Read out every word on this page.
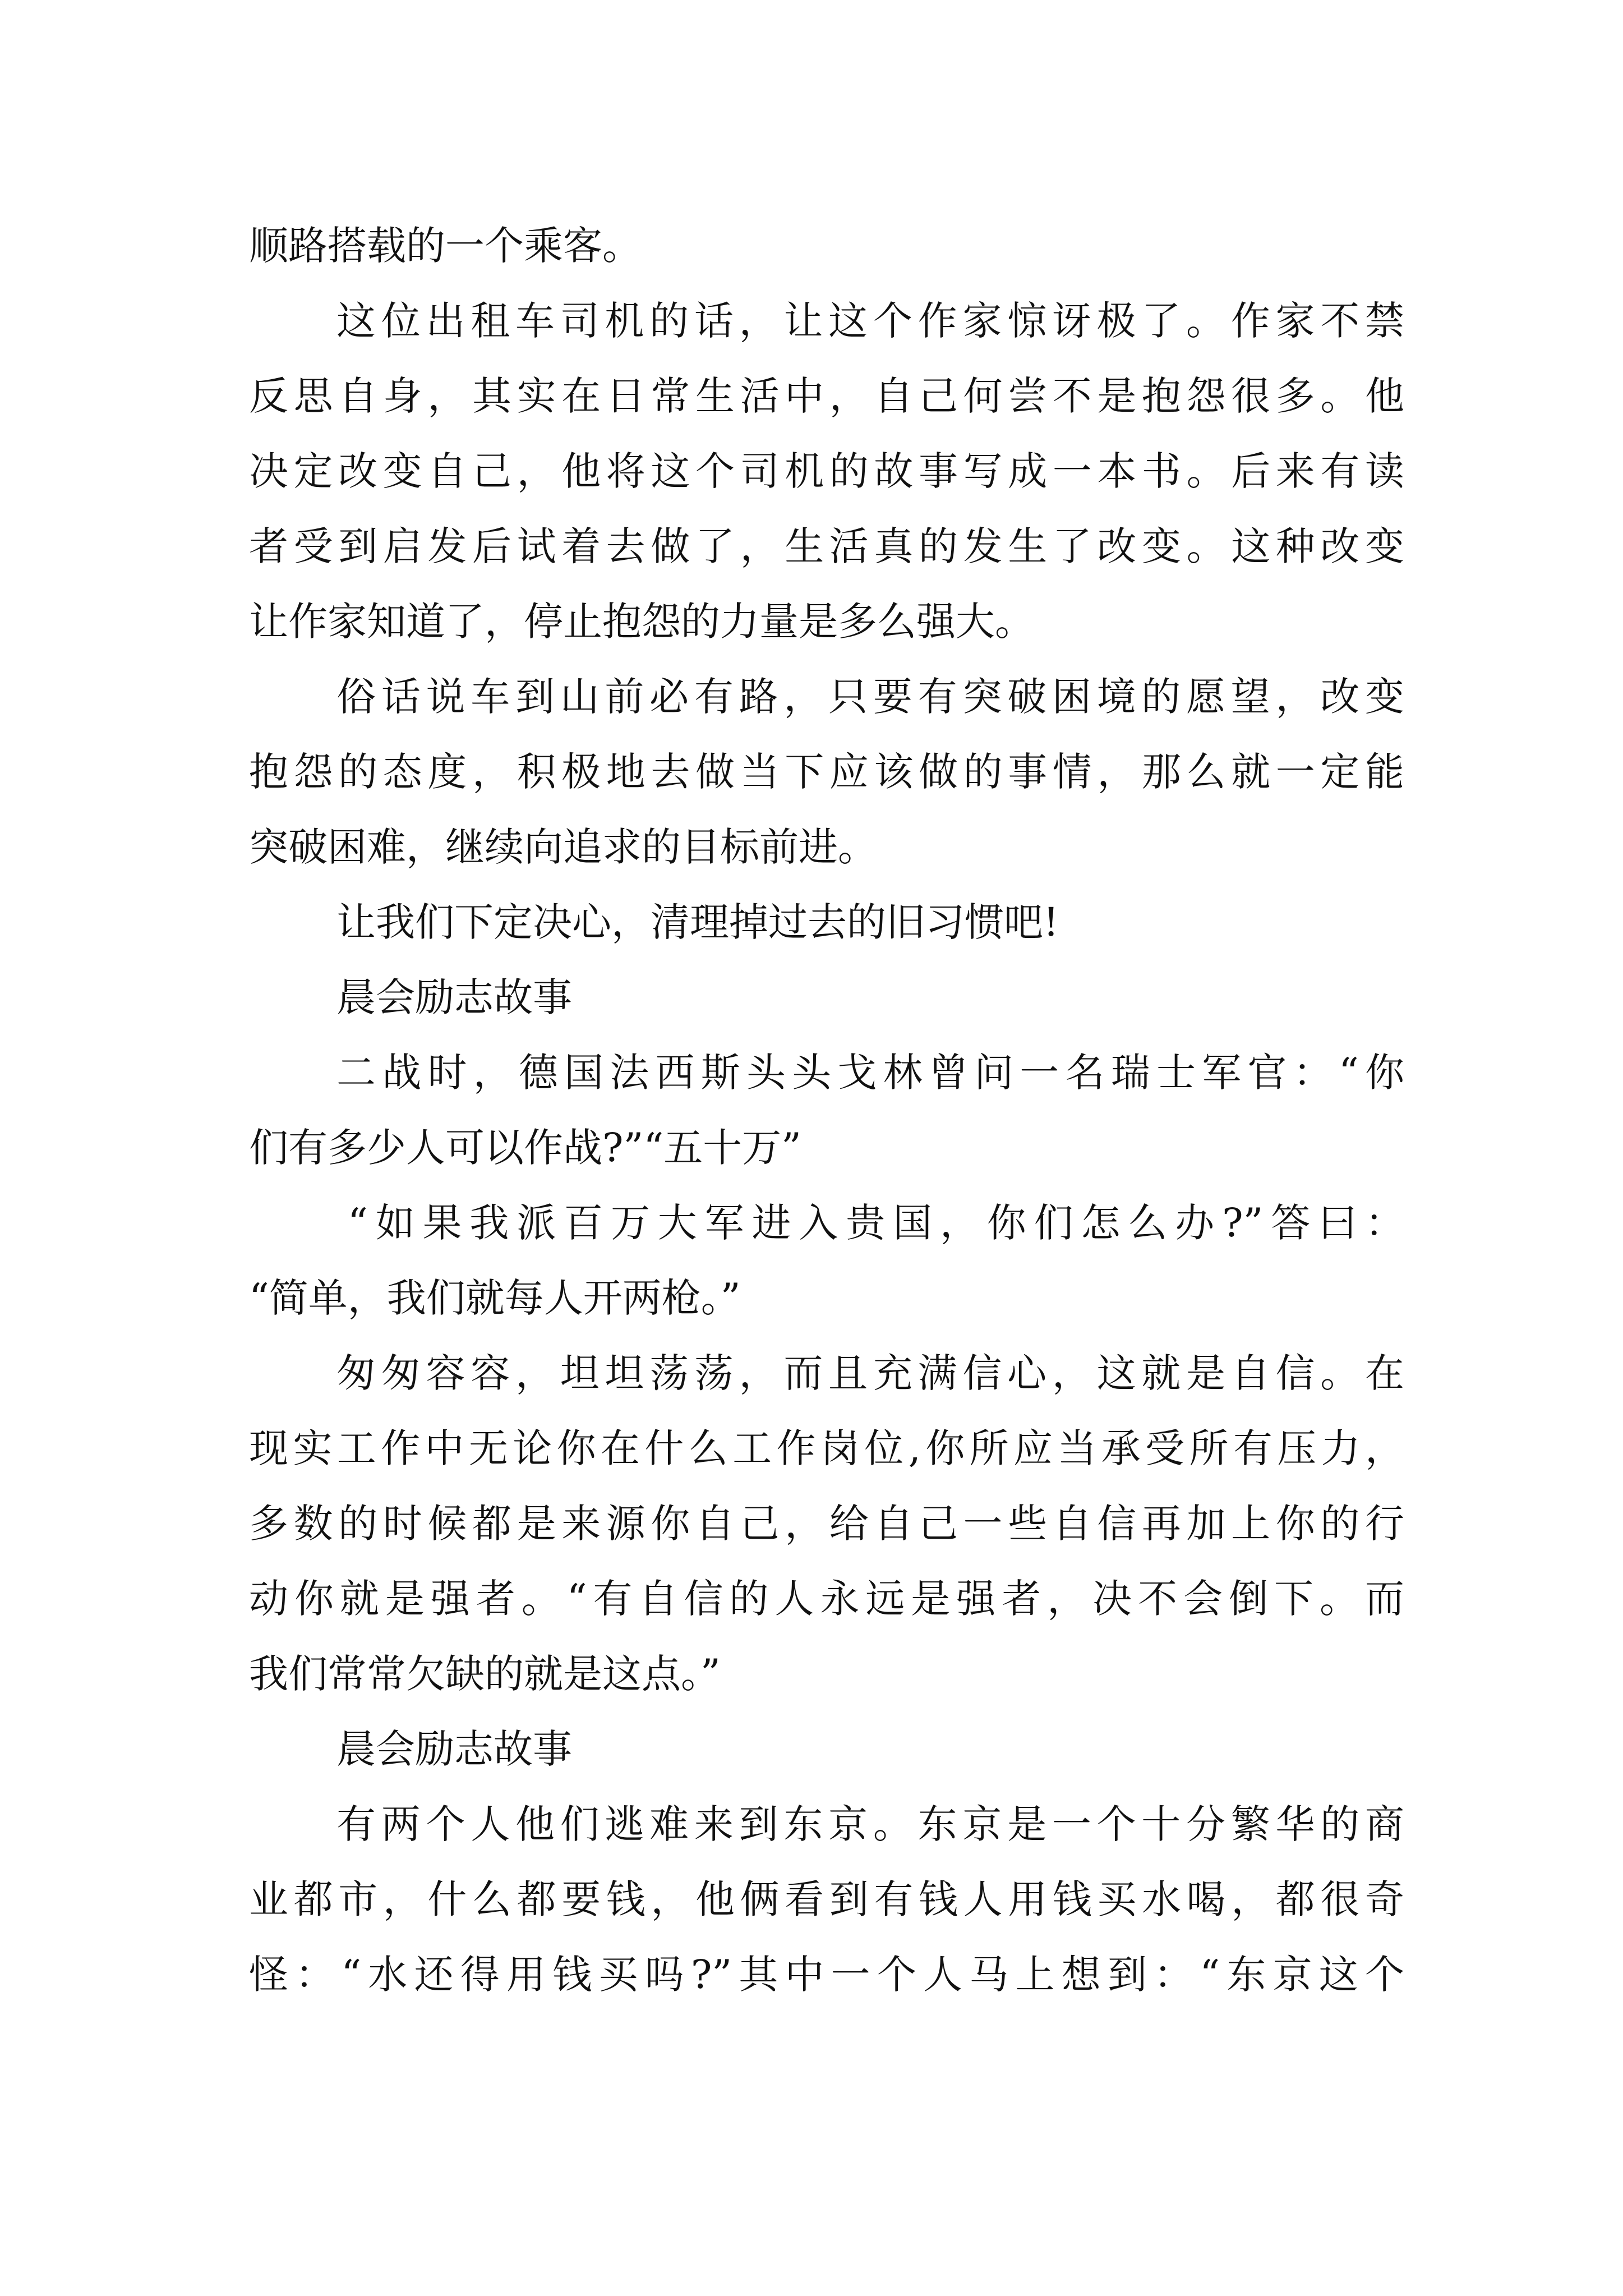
顺路搭载的一个乘客。
这位出租车司机的话，让这个作家惊讶极了。作家不禁
反思自身，其实在日常生活中，自己何尝不是抱怨很多。他
决定改变自己，他将这个司机的故事写成一本书。后来有读
者受到启发后试着去做了，生活真的发生了改变。这种改变
让作家知道了，停止抱怨的力量是多么强大。
俗话说车到山前必有路，只要有突破困境的愿望，改变
抱怨的态度，积极地去做当下应该做的事情，那么就一定能
突破困难，继续向追求的目标前进。
让我们下定决心，清理掉过去的旧习惯吧!
晨会励志故事
二战时，德国法西斯头头戈林曾问一名瑞士军官：“你
们有多少人可以作战?”“五十万”
“如果我派百万大军进入贵国，你们怎么办?”答曰：
“简单，我们就每人开两枪。”
匆匆容容，坦坦荡荡，而且充满信心，这就是自信。在
现实工作中无论你在什么工作岗位,你所应当承受所有压力，
多数的时候都是来源你自己，给自己一些自信再加上你的行
动你就是强者。“有自信的人永远是强者，决不会倒下。而
我们常常欠缺的就是这点。”
晨会励志故事
有两个人他们逃难来到东京。东京是一个十分繁华的商
业都市，什么都要钱，他俩看到有钱人用钱买水喝，都很奇
怪：“水还得用钱买吗?”其中一个人马上想到：“东京这个
